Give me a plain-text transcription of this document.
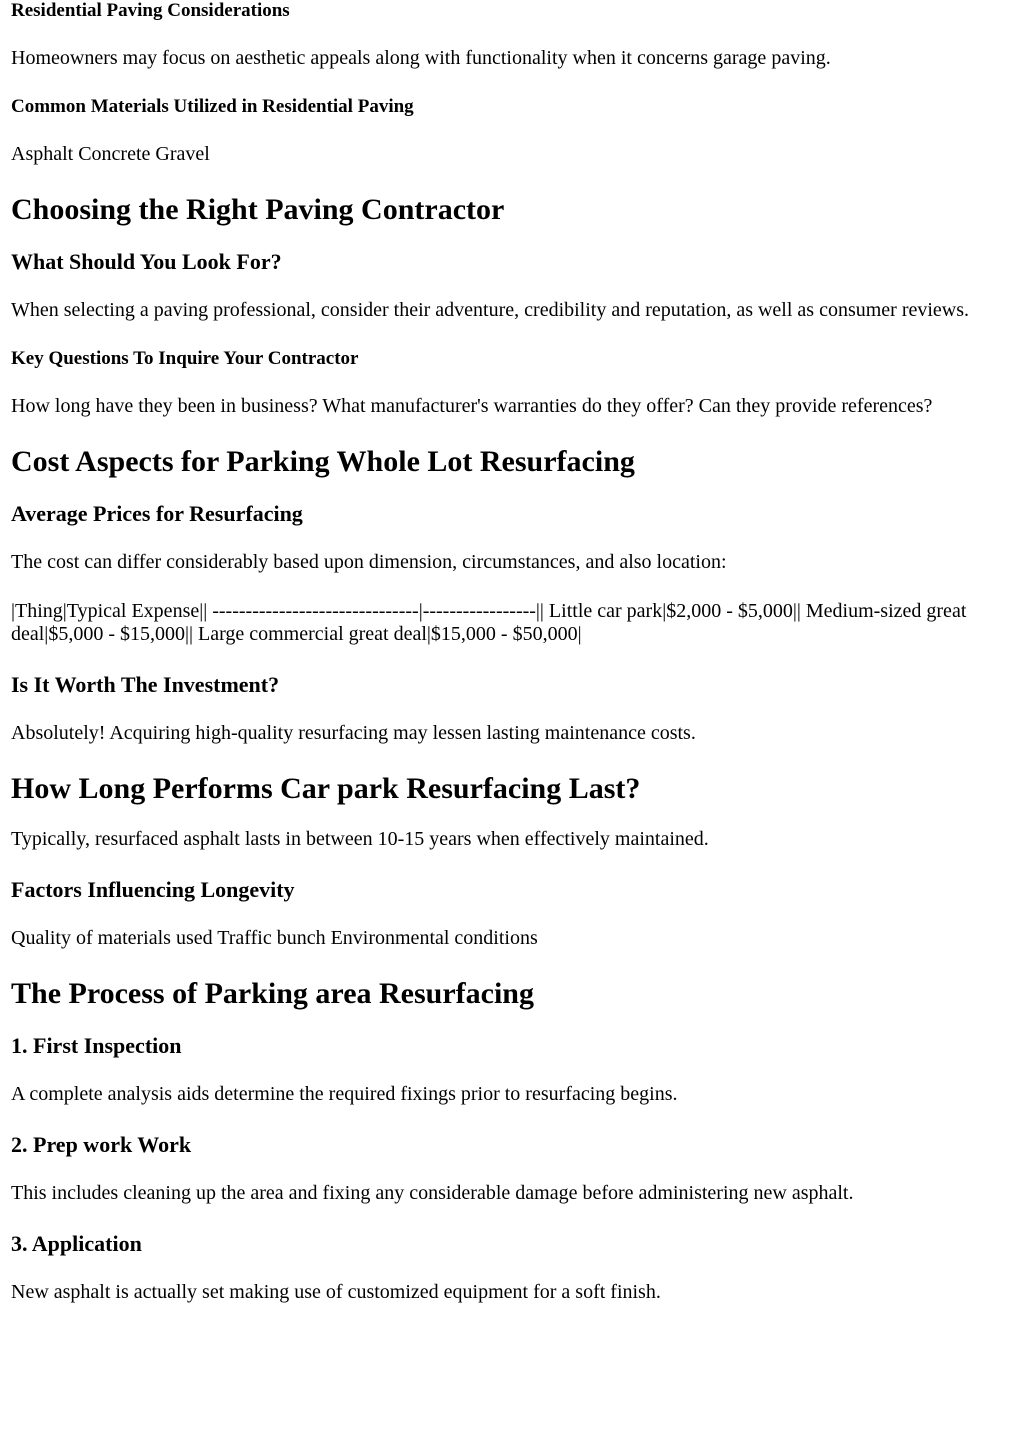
Residential Paving Considerations

Homeowners may focus on aesthetic appeals along with functionality when it concerns garage paving.

Common Materials Utilized in Residential Paving

Asphalt Concrete Gravel

Choosing the Right Paving Contractor
What Should You Look For?

When selecting a paving professional, consider their adventure, credibility and reputation, as well as consumer reviews.

Key Questions To Inquire Your Contractor

How long have they been in business? What manufacturer's warranties do they offer? Can they provide references?

Cost Aspects for Parking Whole Lot Resurfacing
Average Prices for Resurfacing

The cost can differ considerably based upon dimension, circumstances, and also location:

|Thing|Typical Expense|| -------------------------------|-----------------|| Little car park|$2,000 - $5,000|| Medium-sized great deal|$5,000 - $15,000|| Large commercial great deal|$15,000 - $50,000|

Is It Worth The Investment?

Absolutely! Acquiring high-quality resurfacing may lessen lasting maintenance costs.

How Long Performs Car park Resurfacing Last?

Typically, resurfaced asphalt lasts in between 10-15 years when effectively maintained.

Factors Influencing Longevity

Quality of materials used Traffic bunch Environmental conditions

The Process of Parking area Resurfacing
1. First Inspection

A complete analysis aids determine the required fixings prior to resurfacing begins.

2. Prep work Work

This includes cleaning up the area and fixing any considerable damage before administering new asphalt.

3. Application

New asphalt is actually set making use of customized equipment for a soft finish.
